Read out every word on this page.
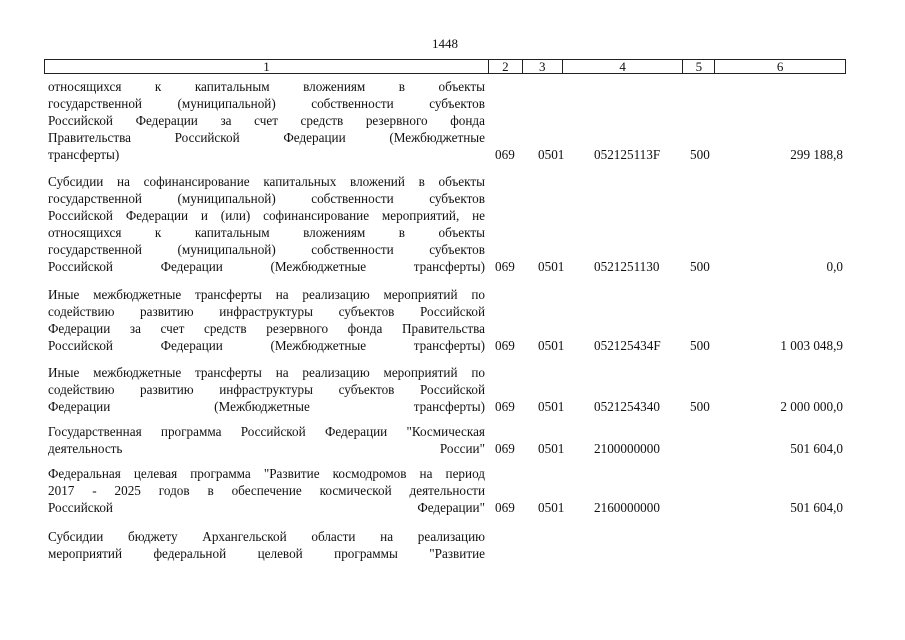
1448
1	2	3	4	5	6
относящихся к капитальным вложениям в объекты
государственной (муниципальной) собственности субъектов
Российской Федерации за счет средств резервного фонда
Правительства Российской Федерации (Межбюджетные
трансферты)	069 0501 052125113F 500	299 188,8
Субсидии на софинансирование капитальных вложений в объекты
государственной (муниципальной) собственности субъектов
Российской Федерации и (или) софинансирование мероприятий, не
относящихся к капитальным вложениям в объекты
государственной (муниципальной) собственности субъектов
Российской Федерации (Межбюджетные трансферты) 069 0501 0521251130 500	0,0
Иные межбюджетные трансферты на реализацию мероприятий по
содействию развитию инфраструктуры субъектов Российской
Федерации за счет средств резервного фонда Правительства
Российской Федерации (Межбюджетные трансферты) 069 0501 052125434F 500	1 003 048,9
Иные межбюджетные трансферты на реализацию мероприятий по
содействию развитию инфраструктуры субъектов Российской
Федерации (Межбюджетные трансферты) 069 0501 0521254340 500	2 000 000,0
Государственная программа Российской Федерации "Космическая
деятельность России" 069 0501 2100000000	501 604,0
Федеральная целевая программа "Развитие космодромов на период
2017 - 2025 годов в обеспечение космической деятельности
Российской Федерации" 069 0501 2160000000	501 604,0
Субсидии бюджету Архангельской области на реализацию
мероприятий федеральной целевой программы "Развитие
